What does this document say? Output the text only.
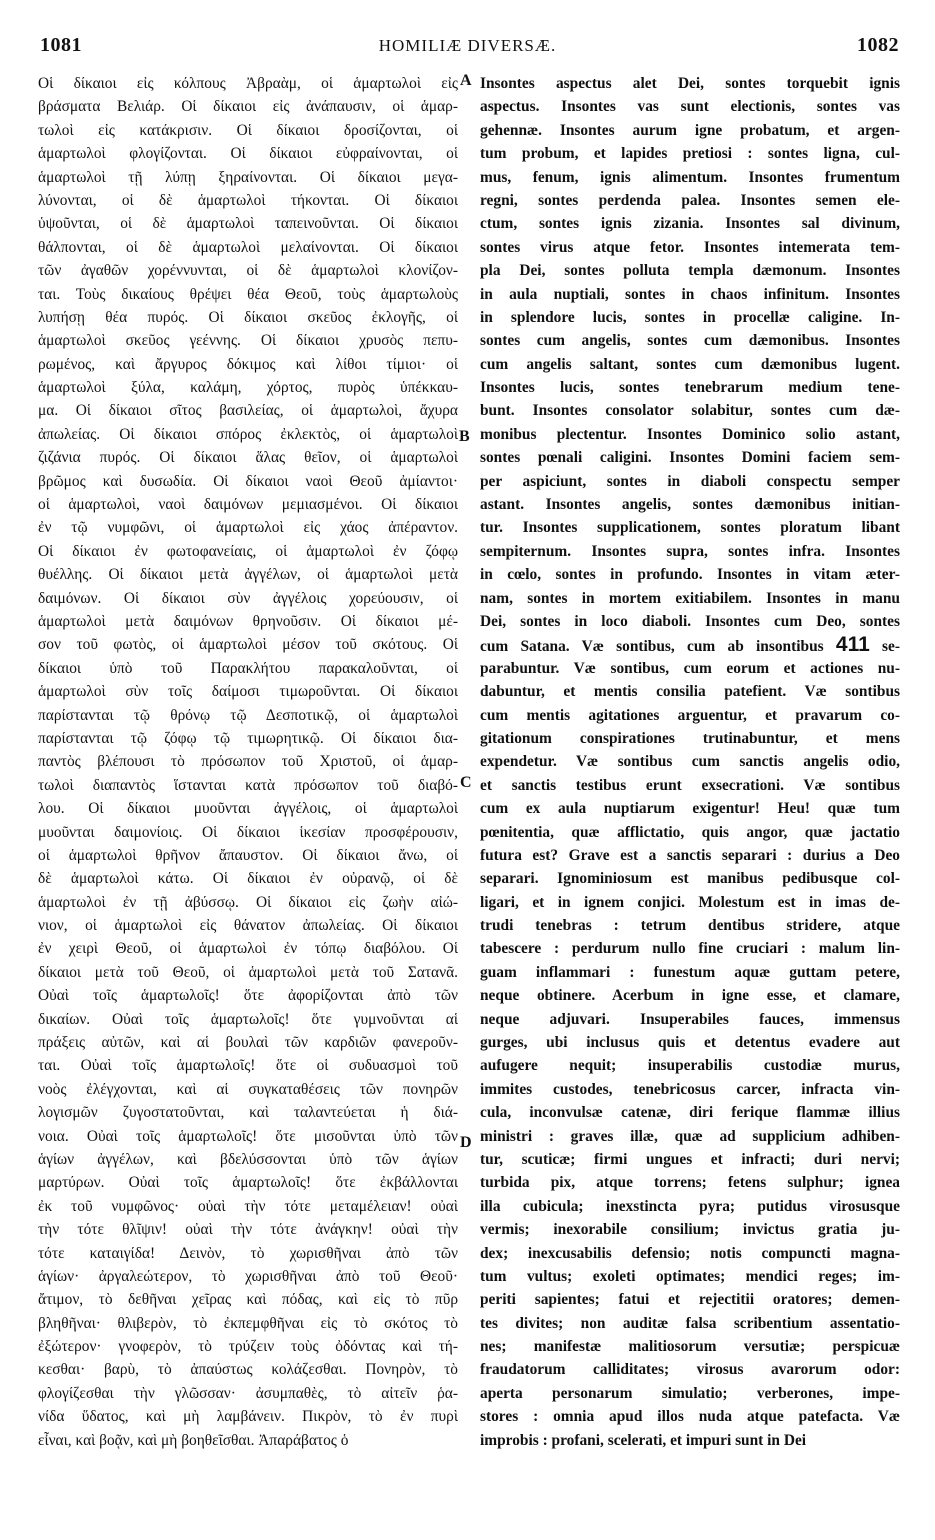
1081	HOMILIÆ DIVERSÆ.	1082
A
B
C
D
Οἱ δίκαιοι εἰς κόλπους Ἀβραὰμ, οἱ ἁμαρτωλοὶ εἰς
βράσματα Βελιάρ. Οἱ δίκαιοι εἰς ἀνάπαυσιν, οἱ ἁμαρ-
τωλοὶ εἰς κατάκρισιν. Οἱ δίκαιοι δροσίζονται, οἱ
ἁμαρτωλοὶ φλογίζονται. Οἱ δίκαιοι εὐφραίνονται, οἱ
ἁμαρτωλοὶ τῇ λύπῃ ξηραίνονται. Οἱ δίκαιοι μεγα-
λύνονται, οἱ δὲ ἁμαρτωλοὶ τήκονται. Οἱ δίκαιοι
ὑψοῦνται, οἱ δὲ ἁμαρτωλοὶ ταπεινοῦνται. Οἱ δίκαιοι
θάλπονται, οἱ δὲ ἁμαρτωλοὶ μελαίνονται. Οἱ δίκαιοι
τῶν ἀγαθῶν χορέννυνται, οἱ δὲ ἁμαρτωλοὶ κλονίζον-
ται. Τοὺς δικαίους θρέψει θέα Θεοῦ, τοὺς ἁμαρτωλοὺς
λυπήσῃ θέα πυρός. Οἱ δίκαιοι σκεῦος ἐκλογῆς, οἱ
ἁμαρτωλοὶ σκεῦος γεέννης. Οἱ δίκαιοι χρυσὸς πεπυ-
ρωμένος, καὶ ἄργυρος δόκιμος καὶ λίθοι τίμιοι· οἱ
ἁμαρτωλοὶ ξύλα, καλάμη, χόρτος, πυρὸς ὑπέκκαυ-
μα. Οἱ δίκαιοι σῖτος βασιλείας, οἱ ἁμαρτωλοὶ, ἄχυρα
ἀπωλείας. Οἱ δίκαιοι σπόρος ἐκλεκτὸς, οἱ ἁμαρτωλοὶ
ζιζάνια πυρός. Οἱ δίκαιοι ἅλας θεῖον, οἱ ἁμαρτωλοὶ
βρῶμος καὶ δυσωδία. Οἱ δίκαιοι ναοὶ Θεοῦ ἀμίαντοι·
οἱ ἁμαρτωλοὶ, ναοὶ δαιμόνων μεμιασμένοι. Οἱ δίκαιοι
ἐν τῷ νυμφῶνι, οἱ ἁμαρτωλοὶ εἰς χάος ἀπέραντον.
Οἱ δίκαιοι ἐν φωτοφανείαις, οἱ ἁμαρτωλοὶ ἐν ζόφῳ
θυέλλης. Οἱ δίκαιοι μετὰ ἀγγέλων, οἱ ἁμαρτωλοὶ μετὰ
δαιμόνων. Οἱ δίκαιοι σὺν ἀγγέλοις χορεύουσιν, οἱ
ἁμαρτωλοὶ μετὰ δαιμόνων θρηνοῦσιν. Οἱ δίκαιοι μέ-
σον τοῦ φωτὸς, οἱ ἁμαρτωλοὶ μέσον τοῦ σκότους. Οἱ
δίκαιοι ὑπὸ τοῦ Παρακλήτου παρακαλοῦνται, οἱ
ἁμαρτωλοὶ σὺν τοῖς δαίμοσι τιμωροῦνται. Οἱ δίκαιοι
παρίστανται τῷ θρόνῳ τῷ Δεσποτικῷ, οἱ ἁμαρτωλοὶ
παρίστανται τῷ ζόφῳ τῷ τιμωρητικῷ. Οἱ δίκαιοι δια-
παντὸς βλέπουσι τὸ πρόσωπον τοῦ Χριστοῦ, οἱ ἁμαρ-
τωλοὶ διαπαντὸς ἵστανται κατὰ πρόσωπον τοῦ διαβό-
λου. Οἱ δίκαιοι μυοῦνται ἀγγέλοις, οἱ ἁμαρτωλοὶ
μυοῦνται δαιμονίοις. Οἱ δίκαιοι ἱκεσίαν προσφέρουσιν,
οἱ ἁμαρτωλοὶ θρῆνον ἄπαυστον. Οἱ δίκαιοι ἄνω, οἱ
δὲ ἁμαρτωλοὶ κάτω. Οἱ δίκαιοι ἐν οὐρανῷ, οἱ δὲ
ἁμαρτωλοὶ ἐν τῇ ἀβύσσῳ. Οἱ δίκαιοι εἰς ζωὴν αἰώ-
νιον, οἱ ἁμαρτωλοὶ εἰς θάνατον ἀπωλείας. Οἱ δίκαιοι
ἐν χειρὶ Θεοῦ, οἱ ἁμαρτωλοὶ ἐν τόπῳ διαβόλου. Οἱ
δίκαιοι μετὰ τοῦ Θεοῦ, οἱ ἁμαρτωλοὶ μετὰ τοῦ Σατανᾶ.
Οὐαὶ τοῖς ἁμαρτωλοῖς! ὅτε ἀφορίζονται ἀπὸ τῶν
δικαίων. Οὐαὶ τοῖς ἁμαρτωλοῖς! ὅτε γυμνοῦνται αἱ
πράξεις αὐτῶν, καὶ αἱ βουλαὶ τῶν καρδιῶν φανεροῦν-
ται. Οὐαὶ τοῖς ἁμαρτωλοῖς! ὅτε οἱ συδυασμοὶ τοῦ
νοὸς ἐλέγχονται, καὶ αἱ συγκαταθέσεις τῶν πονηρῶν
λογισμῶν ζυγοστατοῦνται, καὶ ταλαντεύεται ἡ διά-
νοια. Οὐαὶ τοῖς ἁμαρτωλοῖς! ὅτε μισοῦνται ὑπὸ τῶν
ἁγίων ἀγγέλων, καὶ βδελύσσονται ὑπὸ τῶν ἁγίων
μαρτύρων. Οὐαὶ τοῖς ἁμαρτωλοῖς! ὅτε ἐκβάλλονται
ἐκ τοῦ νυμφῶνος· οὐαὶ τὴν τότε μεταμέλειαν! οὐαὶ
τὴν τότε θλῖψιν! οὐαὶ τὴν τότε ἀνάγκην! οὐαὶ τὴν
τότε καταιγίδα! Δεινὸν, τὸ χωρισθῆναι ἀπὸ τῶν
ἁγίων· ἀργαλεώτερον, τὸ χωρισθῆναι ἀπὸ τοῦ Θεοῦ·
ἄτιμον, τὸ δεθῆναι χεῖρας καὶ πόδας, καὶ εἰς τὸ πῦρ
βληθῆναι· θλιβερὸν, τὸ ἐκπεμφθῆναι εἰς τὸ σκότος τὸ
ἐξώτερον· γνοφερὸν, τὸ τρύζειν τοὺς ὀδόντας καὶ τή-
κεσθαι· βαρὺ, τὸ ἀπαύστως κολάζεσθαι. Πονηρὸν, τὸ
φλογίζεσθαι τὴν γλῶσσαν· ἀσυμπαθὲς, τὸ αἰτεῖν ῥα-
νίδα ὕδατος, καὶ μὴ λαμβάνειν. Πικρὸν, τὸ ἐν πυρὶ
εἶναι, καὶ βοᾷν, καὶ μὴ βοηθεῖσθαι. Ἀπαράβατος ὁ
Insontes aspectus alet Dei, sontes torquebit ignis
aspectus. Insontes vas sunt electionis, sontes vas
gehennæ. Insontes aurum igne probatum, et argen-
tum probum, et lapides pretiosi : sontes ligna, cul-
mus, fenum, ignis alimentum. Insontes frumentum
regni, sontes perdenda palea. Insontes semen ele-
ctum, sontes ignis zizania. Insontes sal divinum,
sontes virus atque fetor. Insontes intemerata tem-
pla Dei, sontes polluta templa dæmonum. Insontes
in aula nuptiali, sontes in chaos infinitum. Insontes
in splendore lucis, sontes in procellæ caligine. In-
sontes cum angelis, sontes cum dæmonibus. Insontes
cum angelis saltant, sontes cum dæmonibus lugent.
Insontes lucis, sontes tenebrarum medium tene-
bunt. Insontes consolator solabitur, sontes cum dæ-
monibus plectentur. Insontes Dominico solio astant,
sontes pœnali caligini. Insontes Domini faciem sem-
per aspiciunt, sontes in diaboli conspectu semper
astant. Insontes angelis, sontes dæmonibus initian-
tur. Insontes supplicationem, sontes ploratum libant
sempiternum. Insontes supra, sontes infra. Insontes
in cœlo, sontes in profundo. Insontes in vitam æter-
nam, sontes in mortem exitiabilem. Insontes in manu
Dei, sontes in loco diaboli. Insontes cum Deo, sontes
cum Satana. Væ sontibus, cum ab insontibus 411 se-
parabuntur. Væ sontibus, cum eorum et actiones nu-
dabuntur, et mentis consilia patefient. Væ sontibus
cum mentis agitationes arguentur, et pravarum co-
gitationum conspirationes trutinabuntur, et mens
expendetur. Væ sontibus cum sanctis angelis odio,
et sanctis testibus erunt exsecrationi. Væ sontibus
cum ex aula nuptiarum exigentur! Heu! quæ tum
pœnitentia, quæ afflictatio, quis angor, quæ jactatio
futura est? Grave est a sanctis separari : durius a Deo
separari. Ignominiosum est manibus pedibusque col-
ligari, et in ignem conjici. Molestum est in imas de-
trudi tenebras : tetrum dentibus stridere, atque
tabescere : perdurum nullo fine cruciari : malum lin-
guam inflammari : funestum aquæ guttam petere,
neque obtinere. Acerbum in igne esse, et clamare,
neque adjuvari. Insuperabiles fauces, immensus
gurges, ubi inclusus quis et detentus evadere aut
aufugere nequit; insuperabilis custodiæ murus,
immites custodes, tenebricosus carcer, infracta vin-
cula, inconvulsæ catenæ, diri ferique flammæ illius
ministri : graves illæ, quæ ad supplicium adhiben-
tur, scuticæ; firmi ungues et infracti; duri nervi;
turbida pix, atque torrens; fetens sulphur; ignea
illa cubicula; inexstincta pyra; putidus virosusque
vermis; inexorabile consilium; invictus gratia ju-
dex; inexcusabilis defensio; notis compuncti magna-
tum vultus; exoleti optimates; mendici reges; im-
periti sapientes; fatui et rejectitii oratores; demen-
tes divites; non auditæ falsa scribentium assentatio-
nes; manifestæ malitiosorum versutiæ; perspicuæ
fraudatorum calliditates; virosus avarorum odor:
aperta personarum simulatio; verberones, impe-
stores : omnia apud illos nuda atque patefacta. Væ
improbis : profani, scelerati, et impuri sunt in Dei
